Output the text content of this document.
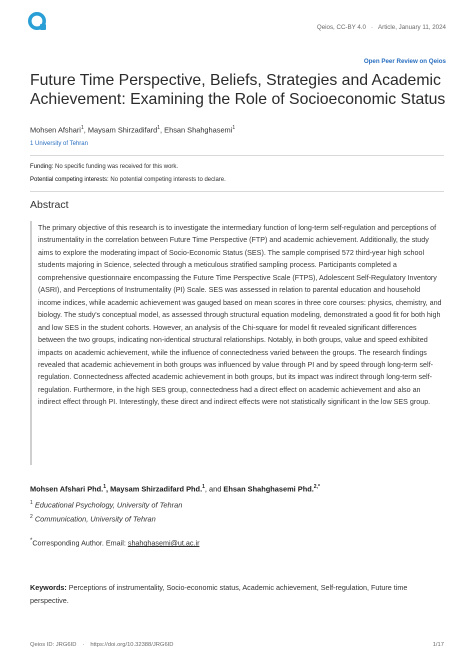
Qeios, CC-BY 4.0 · Article, January 11, 2024
Open Peer Review on Qeios
Future Time Perspective, Beliefs, Strategies and Academic Achievement: Examining the Role of Socioeconomic Status
Mohsen Afshari$^1$, Maysam Shirzadifard$^1$, Ehsan Shahghasemi$^1$
1 University of Tehran
Funding: No specific funding was received for this work.
Potential competing interests: No potential competing interests to declare.
Abstract

The primary objective of this research is to investigate the intermediary function of long-term self-regulation and perceptions of instrumentality in the correlation between Future Time Perspective (FTP) and academic achievement. Additionally, the study aims to explore the moderating impact of Socio-Economic Status (SES). The sample comprised 572 third-year high school students majoring in Science, selected through a meticulous stratified sampling process. Participants completed a comprehensive questionnaire encompassing the Future Time Perspective Scale (FTPS), Adolescent Self-Regulatory Inventory (ASRI), and Perceptions of Instrumentality (PI) Scale. SES was assessed in relation to parental education and household income indices, while academic achievement was gauged based on mean scores in three core courses: physics, chemistry, and biology. The study's conceptual model, as assessed through structural equation modeling, demonstrated a good fit for both high and low SES in the student cohorts. However, an analysis of the Chi-square for model fit revealed significant differences between the two groups, indicating non-identical structural relationships. Notably, in both groups, value and speed exhibited impacts on academic achievement, while the influence of connectedness varied between the groups. The research findings revealed that academic achievement in both groups was influenced by value through PI and by speed through long-term self-regulation. Connectedness affected academic achievement in both groups, but its impact was indirect through long-term self-regulation. Furthermore, in the high SES group, connectedness had a direct effect on academic achievement and also an indirect effect through PI. Interestingly, these direct and indirect effects were not statistically significant in the low SES group.

Mohsen Afshari Phd.$^1$, Maysam Shirzadifard Phd.$^1$, and Ehsan Shahghasemi Phd.$^{2,*}$
$^1$ Educational Psychology, University of Tehran
$^2$ Communication, University of Tehran
*Corresponding Author. Email: shahghasemi@ut.ac.ir

Keywords: Perceptions of instrumentality, Socio-economic status, Academic achievement, Self-regulation, Future time perspective.

Qeios ID: JRG6ID · https://doi.org/10.32388/JRG6ID	1/17
